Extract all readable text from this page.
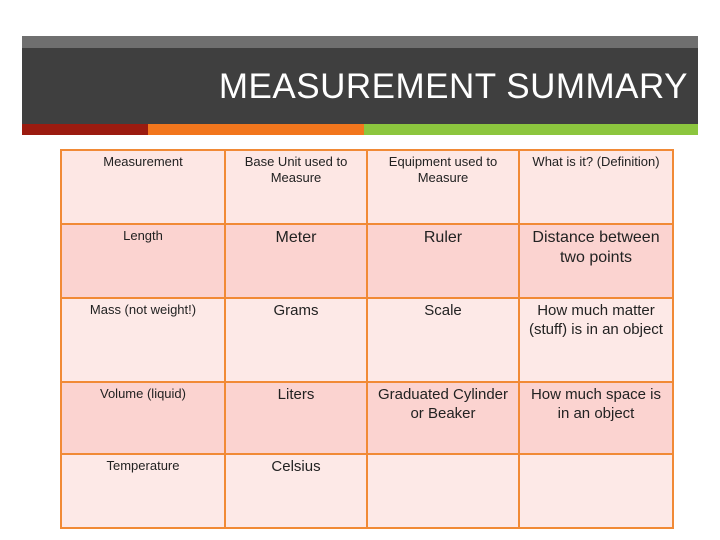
MEASUREMENT SUMMARY
Measurement	Base Unit used to Measure	Equipment used to Measure	What is it? (Definition)
Length	Meter	Ruler	Distance between two points
Mass (not weight!)	Grams	Scale	How much matter (stuff) is in an object
Volume (liquid)	Liters	Graduated Cylinder or Beaker	How much space is in an object
Temperature	Celsius		
